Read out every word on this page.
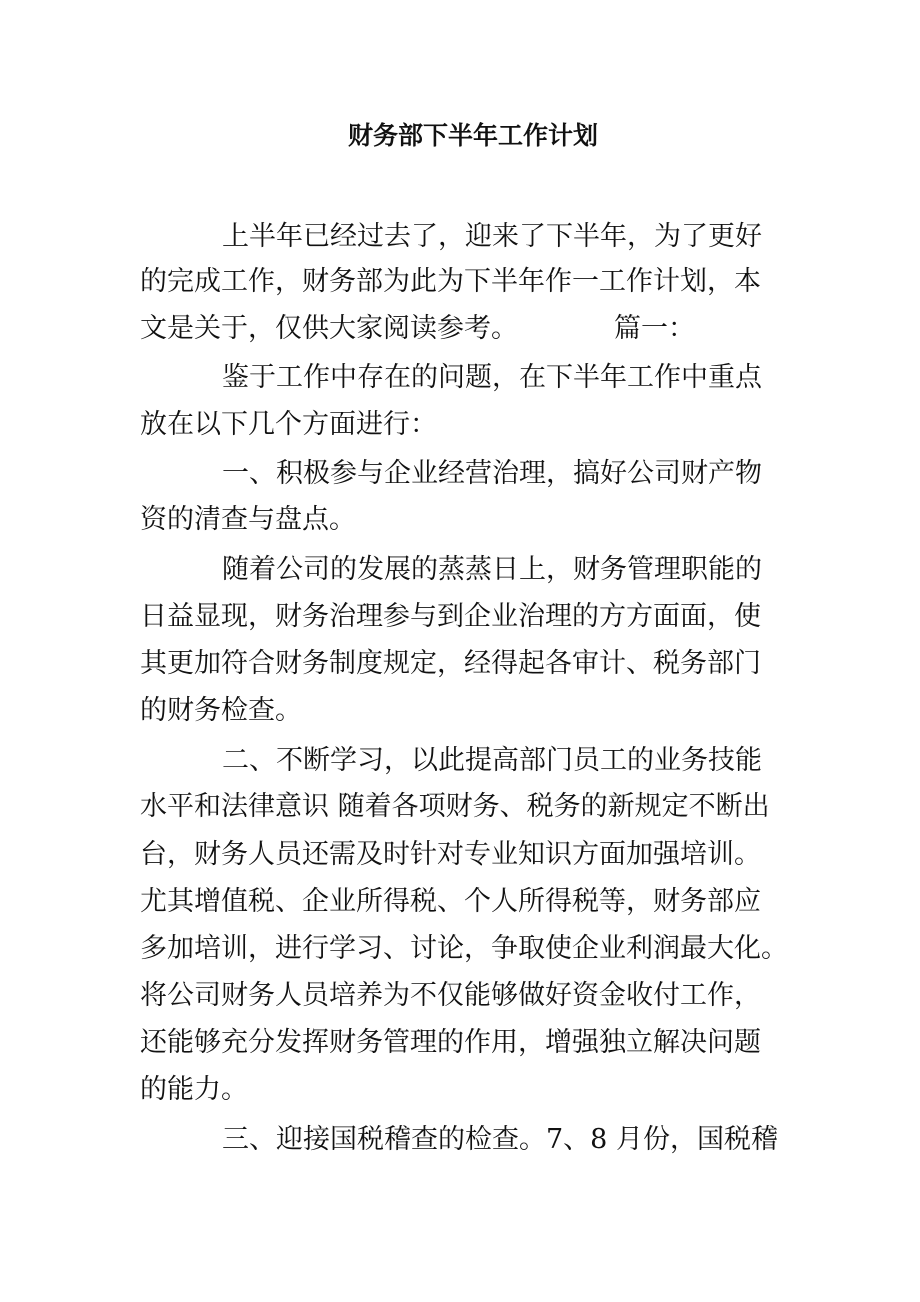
财务部下半年工作计划
上半年已经过去了，迎来了下半年，为了更好
的完成工作，财务部为此为下半年作一工作计划，本
文是关于，仅供大家阅读参考。	篇一：
鉴于工作中存在的问题，在下半年工作中重点
放在以下几个方面进行：
一、积极参与企业经营治理，搞好公司财产物
资的清查与盘点。
随着公司的发展的蒸蒸日上，财务管理职能的
日益显现，财务治理参与到企业治理的方方面面，使
其更加符合财务制度规定，经得起各审计、税务部门
的财务检查。
二、不断学习，以此提高部门员工的业务技能
水平和法律意识 随着各项财务、税务的新规定不断出
台，财务人员还需及时针对专业知识方面加强培训。
尤其增值税、企业所得税、个人所得税等，财务部应
多加培训，进行学习、讨论，争取使企业利润最大化。
将公司财务人员培养为不仅能够做好资金收付工作，
还能够充分发挥财务管理的作用，增强独立解决问题
的能力。
三、迎接国税稽查的检查。7、8 月份，国税稽
